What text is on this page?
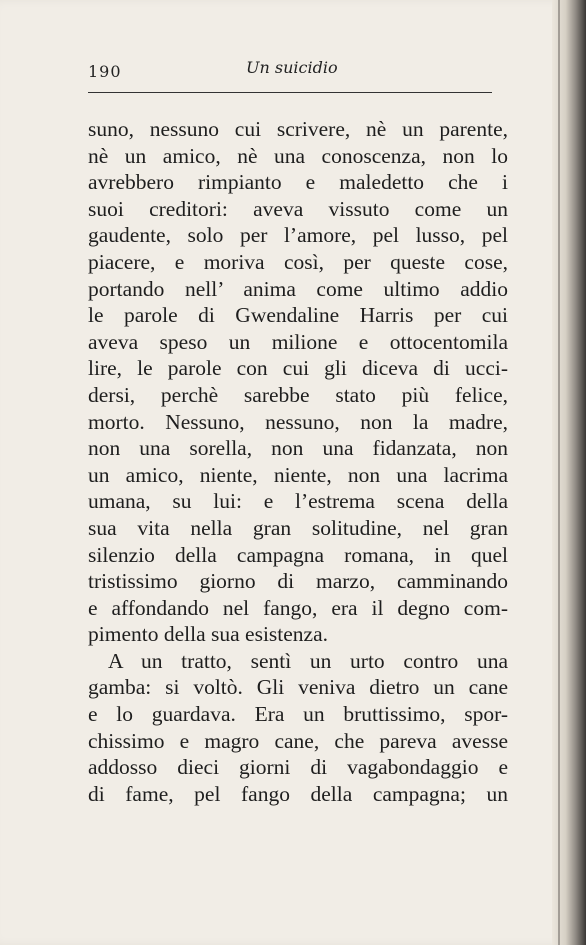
190	Un suicidio
suno, nessuno cui scrivere, nè un parente,
nè un amico, nè una conoscenza, non lo
avrebbero rimpianto e maledetto che i
suoi creditori: aveva vissuto come un
gaudente, solo per l’amore, pel lusso, pel
piacere, e moriva così, per queste cose,
portando nell’ anima come ultimo addio
le parole di Gwendaline Harris per cui
aveva speso un milione e ottocentomila
lire, le parole con cui gli diceva di ucci-
dersi, perchè sarebbe stato più felice,
morto. Nessuno, nessuno, non la madre,
non una sorella, non una fidanzata, non
un amico, niente, niente, non una lacrima
umana, su lui: e l’estrema scena della
sua vita nella gran solitudine, nel gran
silenzio della campagna romana, in quel
tristissimo giorno di marzo, camminando
e affondando nel fango, era il degno com-
pimento della sua esistenza.
A un tratto, sentì un urto contro una
gamba: si voltò. Gli veniva dietro un cane
e lo guardava. Era un bruttissimo, spor-
chissimo e magro cane, che pareva avesse
addosso dieci giorni di vagabondaggio e
di fame, pel fango della campagna; un
